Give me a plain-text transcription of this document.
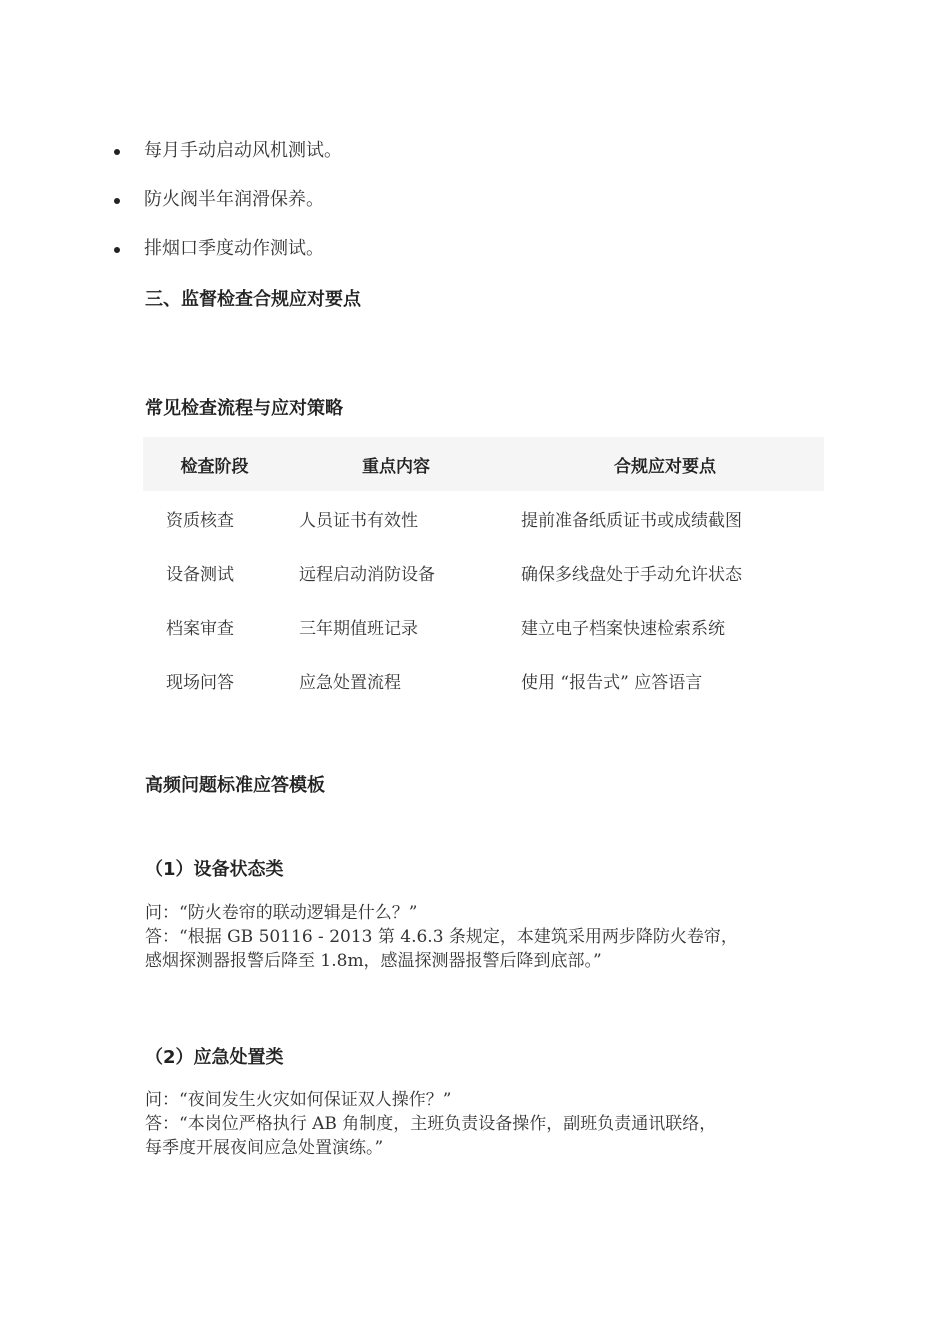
每月手动启动风机测试。
防火阀半年润滑保养。
排烟口季度动作测试。
三、监督检查合规应对要点
常见检查流程与应对策略
检查阶段	重点内容	合规应对要点
资质核查	人员证书有效性	提前准备纸质证书或成绩截图
设备测试	远程启动消防设备	确保多线盘处于手动允许状态
档案审查	三年期值班记录	建立电子档案快速检索系统
现场问答	应急处置流程	使用 “报告式” 应答语言
高频问题标准应答模板
（1）设备状态类

问：“防火卷帘的联动逻辑是什么？”

答：“根据 GB 50116 - 2013 第 4.6.3 条规定，本建筑采用两步降防火卷帘，

感烟探测器报警后降至 1.8m，感温探测器报警后降到底部。”

（2）应急处置类

问：“夜间发生火灾如何保证双人操作？”

答：“本岗位严格执行 AB 角制度，主班负责设备操作，副班负责通讯联络，

每季度开展夜间应急处置演练。”
